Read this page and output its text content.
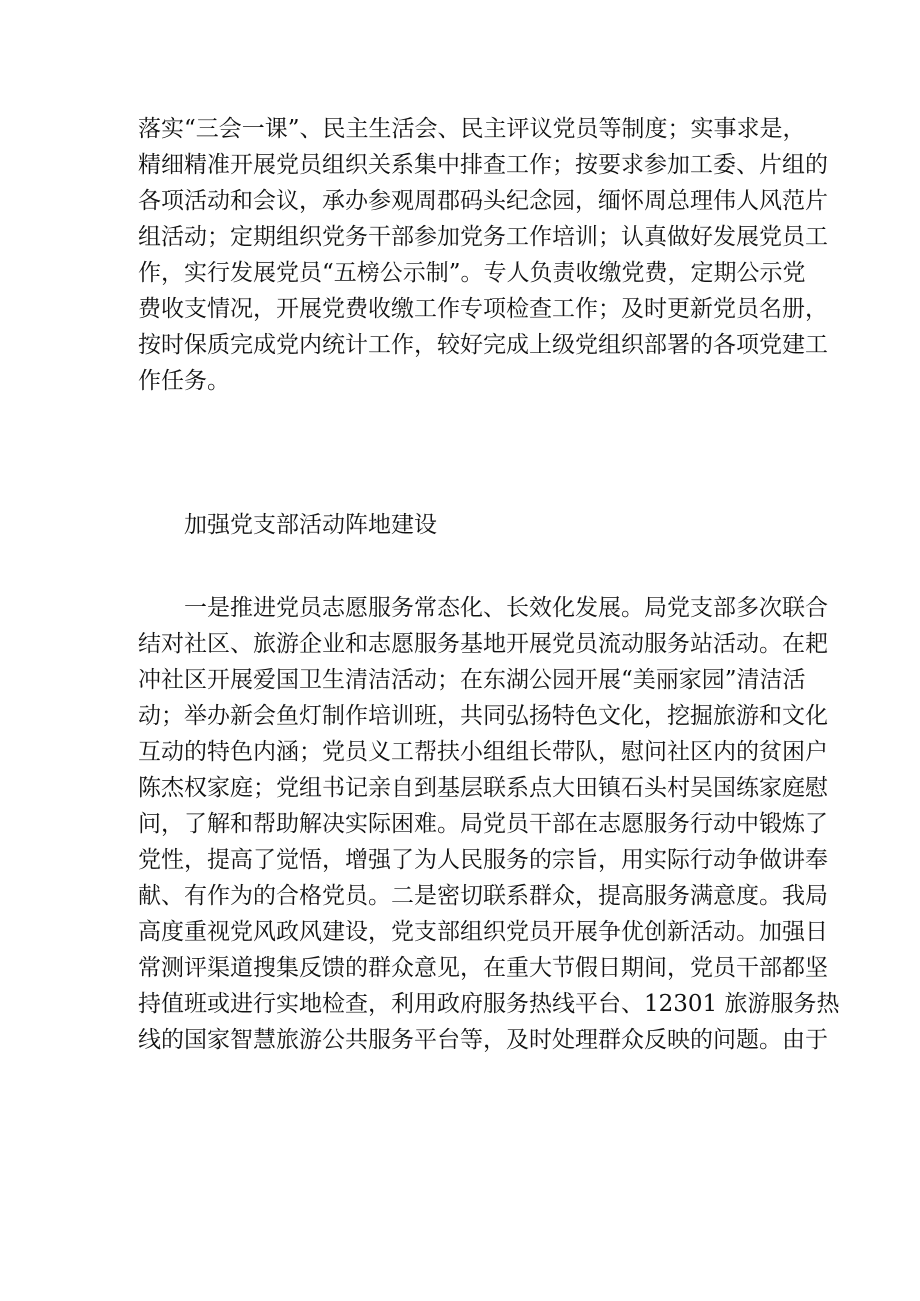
落实“三会一课”、民主生活会、民主评议党员等制度；实事求是，
精细精准开展党员组织关系集中排查工作；按要求参加工委、片组的
各项活动和会议，承办参观周郡码头纪念园，缅怀周总理伟人风范片
组活动；定期组织党务干部参加党务工作培训；认真做好发展党员工
作，实行发展党员“五榜公示制”。专人负责收缴党费，定期公示党
费收支情况，开展党费收缴工作专项检查工作；及时更新党员名册，
按时保质完成党内统计工作，较好完成上级党组织部署的各项党建工
作任务。
加强党支部活动阵地建设
一是推进党员志愿服务常态化、长效化发展。局党支部多次联合
结对社区、旅游企业和志愿服务基地开展党员流动服务站活动。在耙
冲社区开展爱国卫生清洁活动；在东湖公园开展“美丽家园”清洁活
动；举办新会鱼灯制作培训班，共同弘扬特色文化，挖掘旅游和文化
互动的特色内涵；党员义工帮扶小组组长带队，慰问社区内的贫困户
陈杰权家庭；党组书记亲自到基层联系点大田镇石头村吴国练家庭慰
问，了解和帮助解决实际困难。局党员干部在志愿服务行动中锻炼了
党性，提高了觉悟，增强了为人民服务的宗旨，用实际行动争做讲奉
献、有作为的合格党员。二是密切联系群众，提高服务满意度。我局
高度重视党风政风建设，党支部组织党员开展争优创新活动。加强日
常测评渠道搜集反馈的群众意见，在重大节假日期间，党员干部都坚
持值班或进行实地检查，利用政府服务热线平台、12301 旅游服务热
线的国家智慧旅游公共服务平台等，及时处理群众反映的问题。由于
